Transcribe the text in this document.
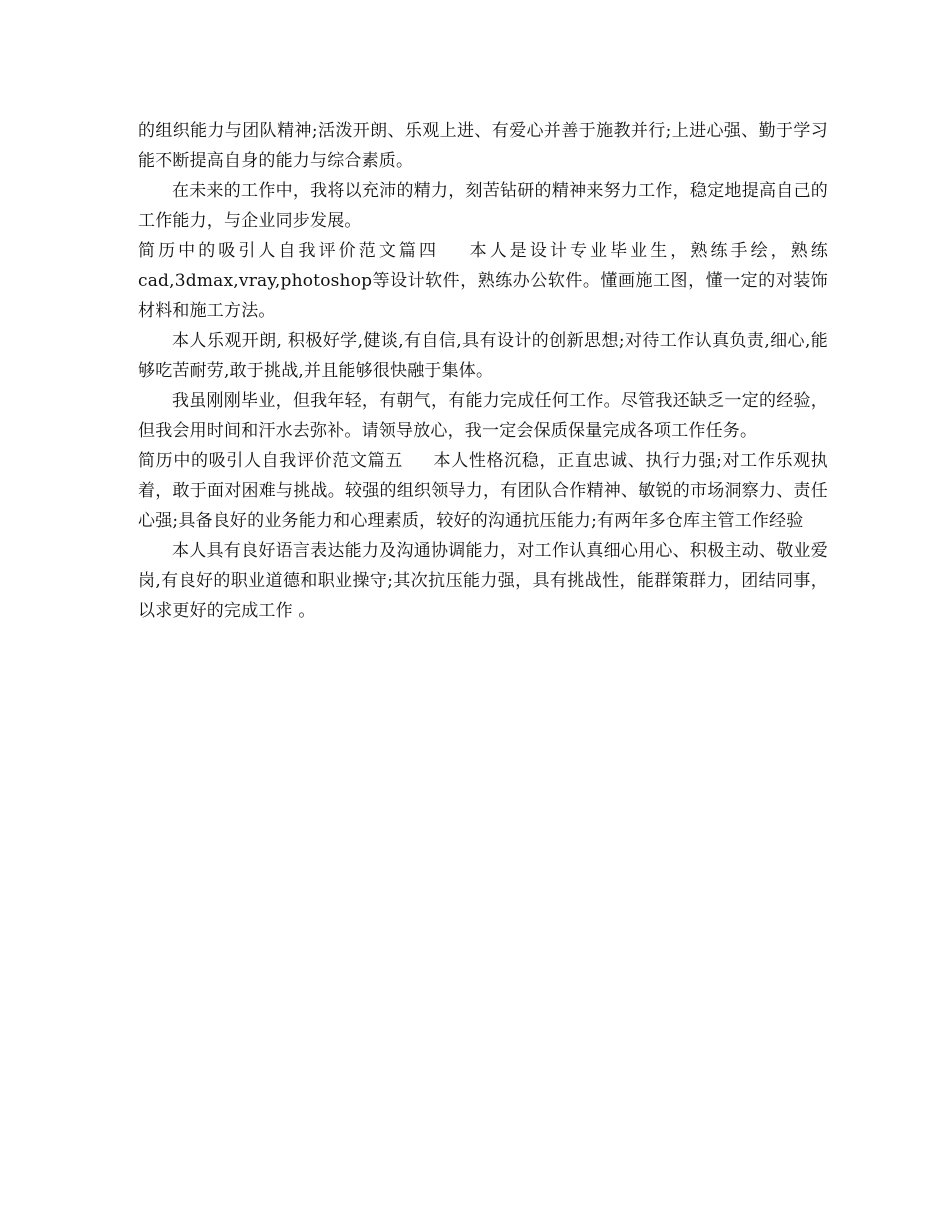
的组织能力与团队精神;活泼开朗、乐观上进、有爱心并善于施教并行;上进心强、勤于学习能不断提高自身的能力与综合素质。

在未来的工作中，我将以充沛的精力，刻苦钻研的精神来努力工作，稳定地提高自己的工作能力，与企业同步发展。

简历中的吸引人自我评价范文篇四 本人是设计专业毕业生，熟练手绘，熟练cad,3dmax,vray,photoshop等设计软件，熟练办公软件。懂画施工图，懂一定的对装饰材料和施工方法。

本人乐观开朗, 积极好学,健谈,有自信,具有设计的创新思想;对待工作认真负责,细心,能够吃苦耐劳,敢于挑战,并且能够很快融于集体。

我虽刚刚毕业，但我年轻，有朝气，有能力完成任何工作。尽管我还缺乏一定的经验，但我会用时间和汗水去弥补。请领导放心，我一定会保质保量完成各项工作任务。

简历中的吸引人自我评价范文篇五 本人性格沉稳，正直忠诚、执行力强;对工作乐观执着，敢于面对困难与挑战。较强的组织领导力，有团队合作精神、敏锐的市场洞察力、责任心强;具备良好的业务能力和心理素质，较好的沟通抗压能力;有两年多仓库主管工作经验

本人具有良好语言表达能力及沟通协调能力，对工作认真细心用心、积极主动、敬业爱岗,有良好的职业道德和职业操守;其次抗压能力强，具有挑战性，能群策群力，团结同事，以求更好的完成工作 。
